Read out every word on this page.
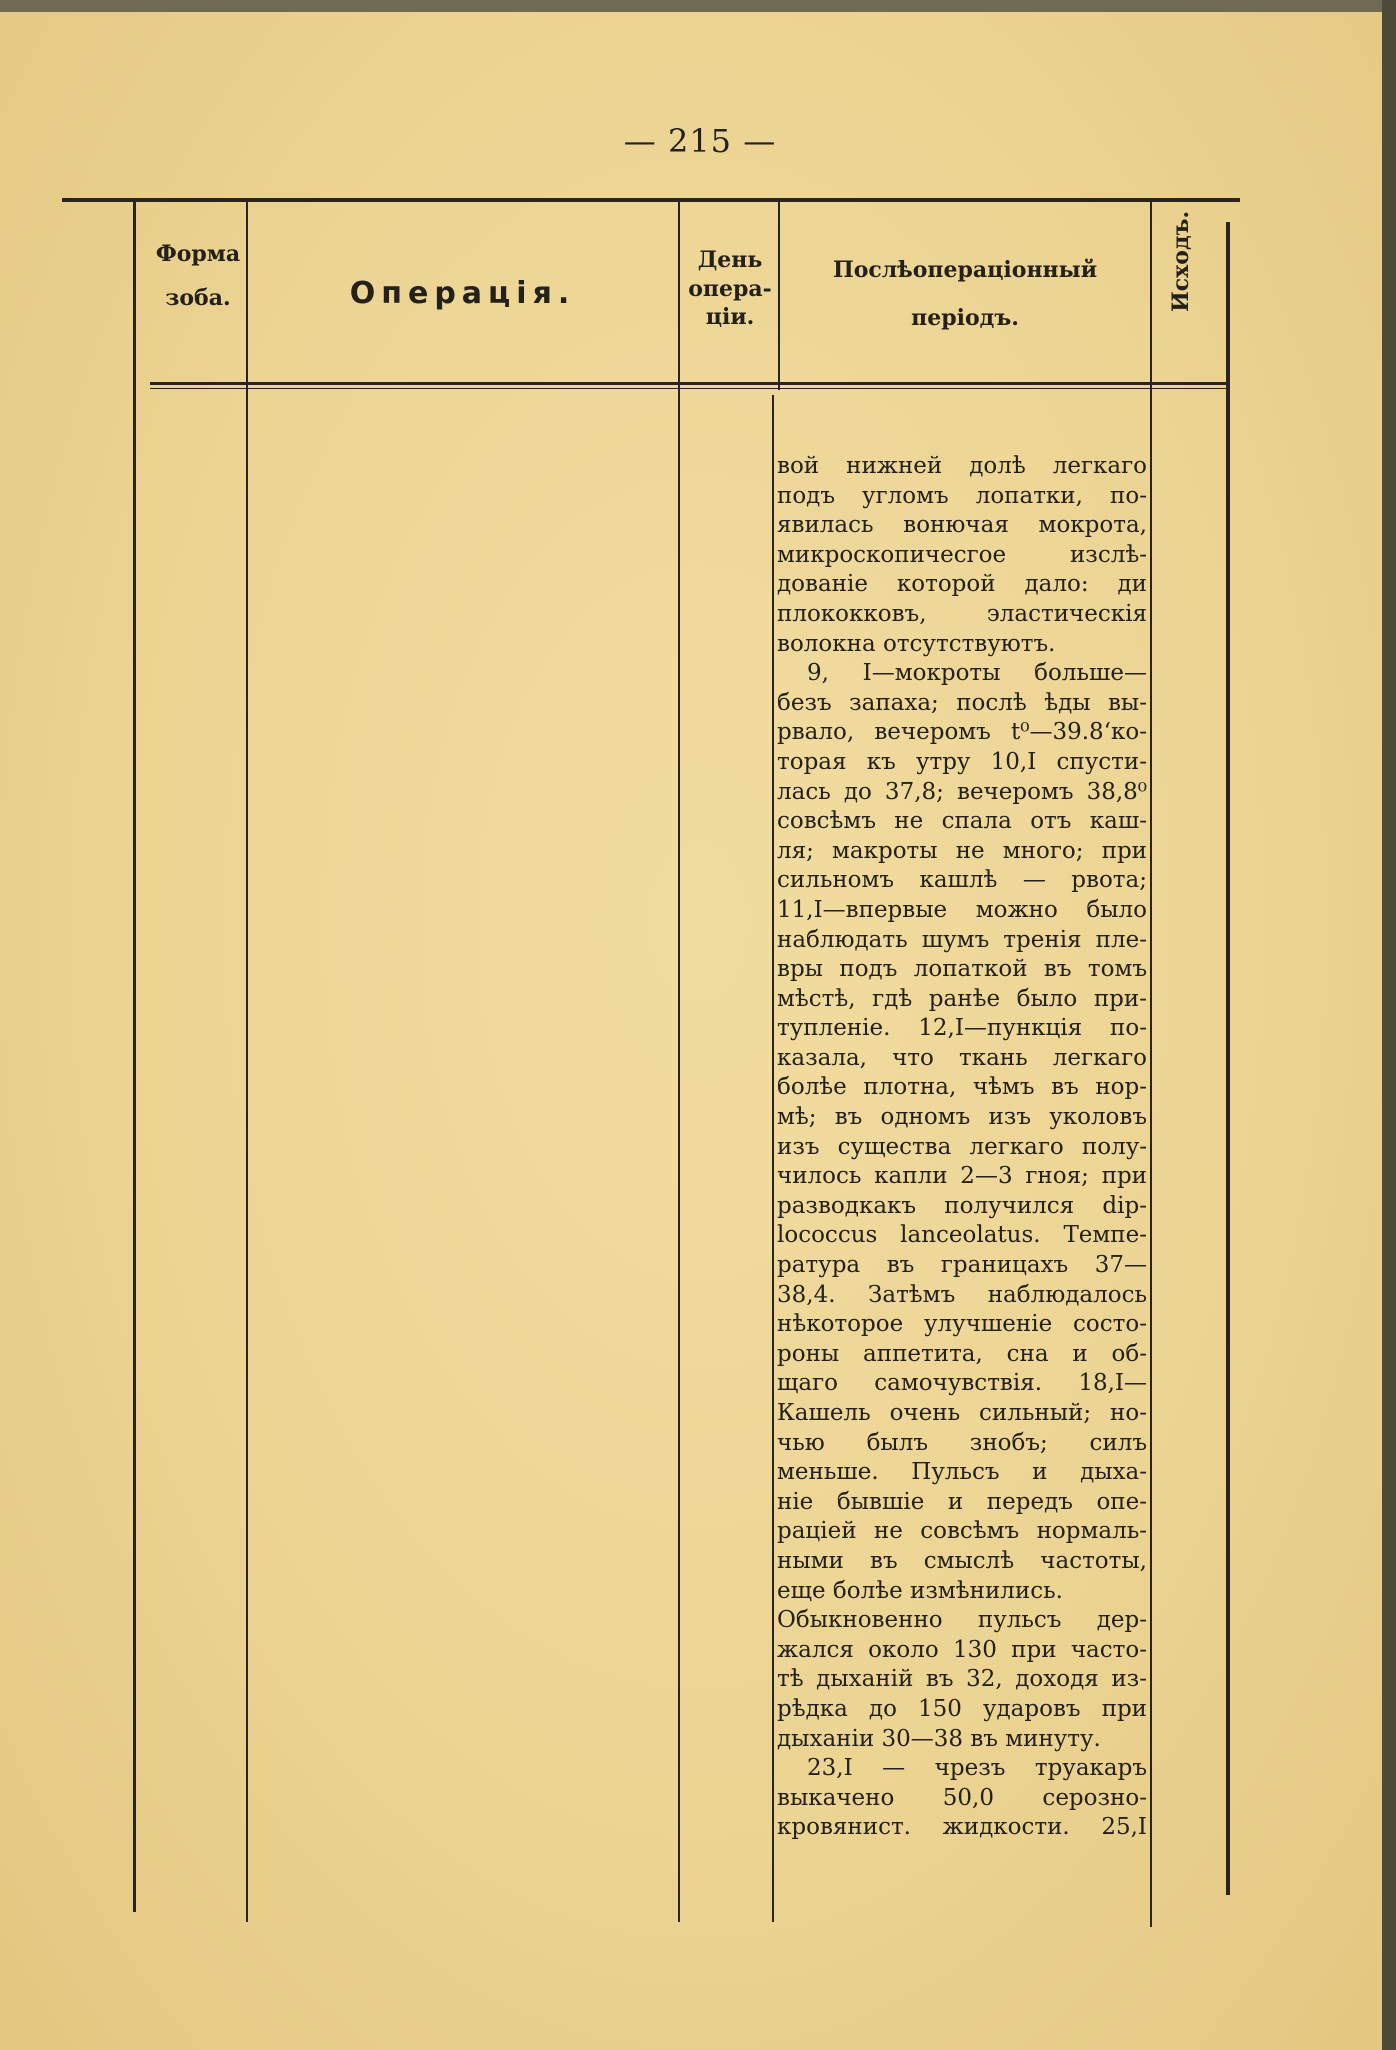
— 215 —
Форма
зоба.	Операція.
День
опера-
ціи.
Послѣоперацiонный
періодъ.
Исходъ.
вой нижней долѣ легкаго
подъ угломъ лопатки, по-
явилась вонючая мокрота,
микроскопичесгое изслѣ-
дованіе которой дало: ди
плококковъ, эластическія
волокна отсутствуютъ.
9, I—мокроты больше—
безъ запаха; послѣ ѣды вы-
рвало, вечеромъ t⁰—39.8‘ко-
торая къ утру 10,I спусти-
лась до 37,8; вечеромъ 38,8⁰
совсѣмъ не спала отъ каш-
ля; макроты не много; при
сильномъ кашлѣ — рвота;
11,I—впервые можно было
наблюдать шумъ тренія пле-
вры подъ лопаткой въ томъ
мѣстѣ, гдѣ ранѣе было при-
тупленіе. 12,I—пункція по-
казала, что ткань легкаго
болѣе плотна, чѣмъ въ нор-
мѣ; въ одномъ изъ уколовъ
изъ существа легкаго полу-
чилось капли 2—3 гноя; при
разводкакъ получился dip-
lococcus lanceolatus. Темпе-
ратура въ границахъ 37—
38,4. Затѣмъ наблюдалось
нѣкоторое улучшеніе состо-
роны аппетита, сна и об-
щаго самочувствія. 18,I—
Кашель очень сильный; но-
чью былъ знобъ; силъ
меньше. Пульсъ и дыха-
ніе бывшіе и передъ опе-
раціей не совсѣмъ нормаль-
ными въ смыслѣ частоты,
еще болѣе измѣнились.
Обыкновенно пульсъ дер-
жался около 130 при часто-
тѣ дыханій въ 32, доходя из-
рѣдка до 150 ударовъ при
дыханіи 30—38 въ минуту.
23,I — чрезъ труакаръ
выкачено 50,0 серозно-
кровянист. жидкости. 25,I
